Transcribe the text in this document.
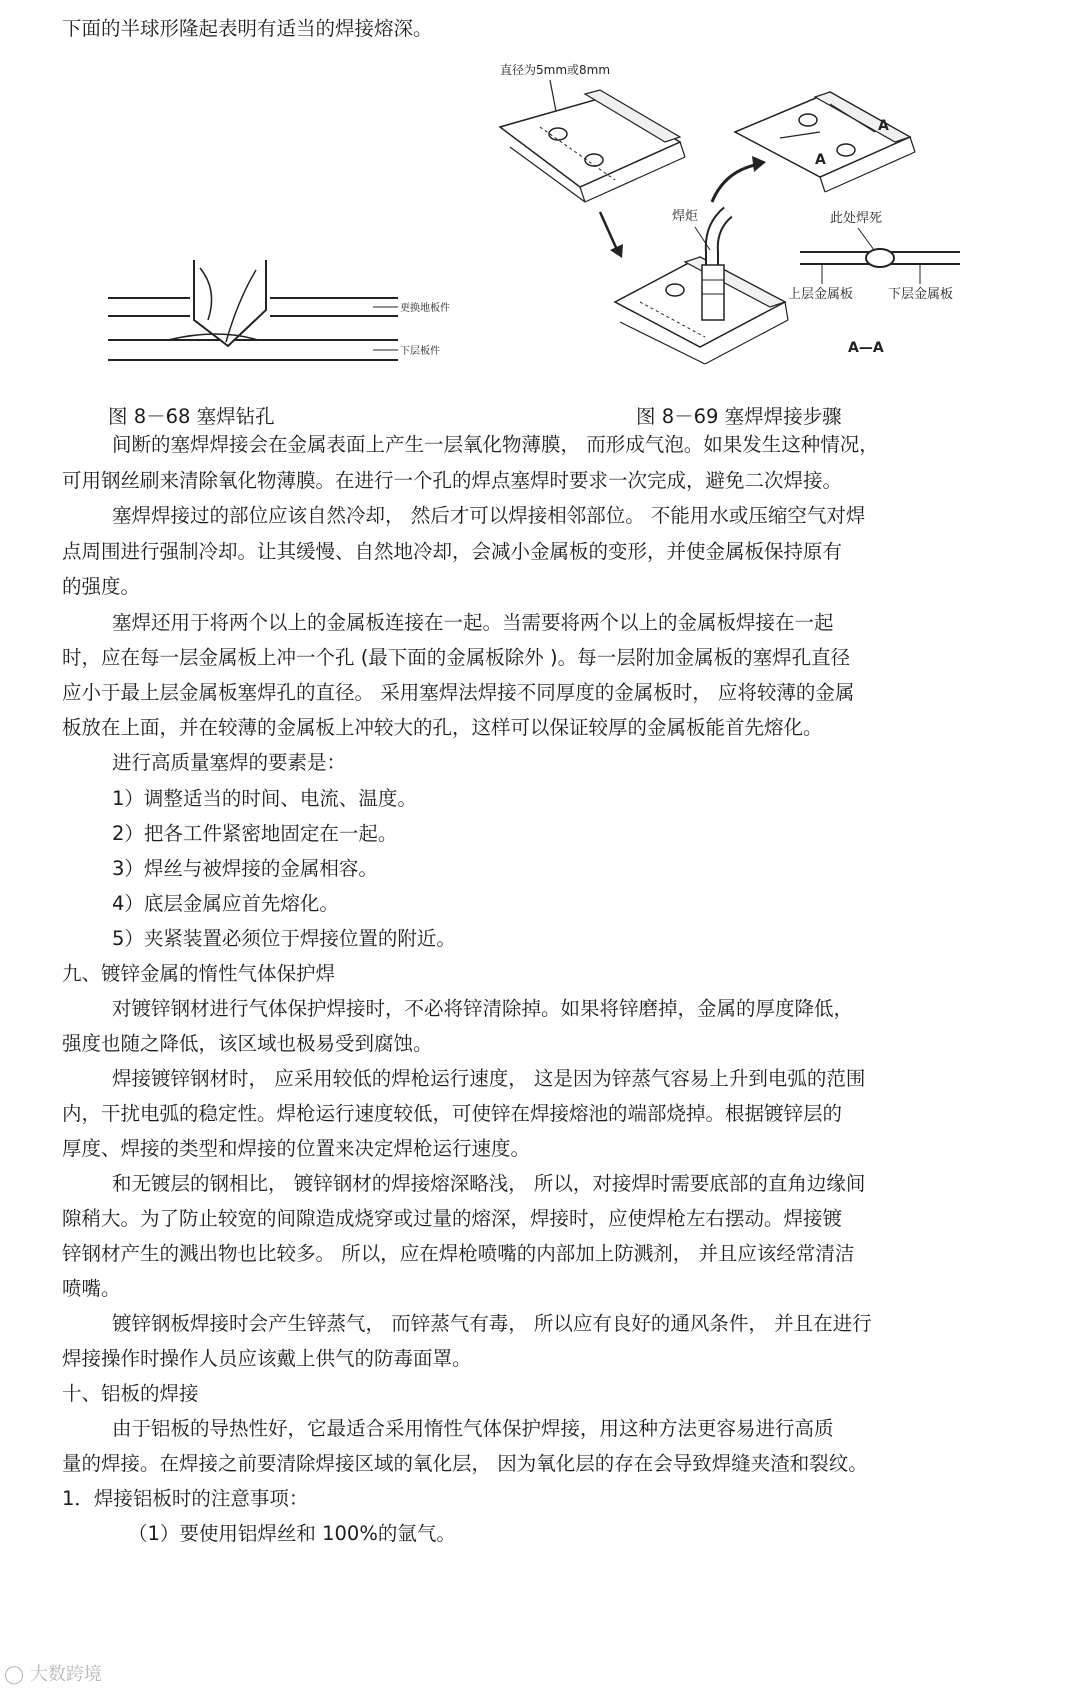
下面的半球形隆起表明有适当的焊接熔深。
更换地板件
下层板件
直径为5mm或8mm
A
A
焊炬	此处焊死
上层金属板	下层金属板
A—A
图 8－68 塞焊钻孔	图 8－69 塞焊焊接步骤
间断的塞焊焊接会在金属表面上产生一层氧化物薄膜， 而形成气泡。如果发生这种情况，
可用钢丝刷来清除氧化物薄膜。在进行一个孔的焊点塞焊时要求一次完成，避免二次焊接。
塞焊焊接过的部位应该自然冷却， 然后才可以焊接相邻部位。 不能用水或压缩空气对焊
点周围进行强制冷却。让其缓慢、自然地冷却，会减小金属板的变形，并使金属板保持原有
的强度。
塞焊还用于将两个以上的金属板连接在一起。当需要将两个以上的金属板焊接在一起
时，应在每一层金属板上冲一个孔 (最下面的金属板除外 )。每一层附加金属板的塞焊孔直径
应小于最上层金属板塞焊孔的直径。 采用塞焊法焊接不同厚度的金属板时， 应将较薄的金属
板放在上面，并在较薄的金属板上冲较大的孔，这样可以保证较厚的金属板能首先熔化。
进行高质量塞焊的要素是：
1）调整适当的时间、电流、温度。
2）把各工件紧密地固定在一起。
3）焊丝与被焊接的金属相容。
4）底层金属应首先熔化。
5）夹紧装置必须位于焊接位置的附近。
九、镀锌金属的惰性气体保护焊
对镀锌钢材进行气体保护焊接时，不必将锌清除掉。如果将锌磨掉，金属的厚度降低，
强度也随之降低，该区域也极易受到腐蚀。
焊接镀锌钢材时， 应采用较低的焊枪运行速度， 这是因为锌蒸气容易上升到电弧的范围
内，干扰电弧的稳定性。焊枪运行速度较低，可使锌在焊接熔池的端部烧掉。根据镀锌层的
厚度、焊接的类型和焊接的位置来决定焊枪运行速度。
和无镀层的钢相比， 镀锌钢材的焊接熔深略浅， 所以，对接焊时需要底部的直角边缘间
隙稍大。为了防止较宽的间隙造成烧穿或过量的熔深，焊接时，应使焊枪左右摆动。焊接镀
锌钢材产生的溅出物也比较多。 所以，应在焊枪喷嘴的内部加上防溅剂， 并且应该经常清洁
喷嘴。
镀锌钢板焊接时会产生锌蒸气， 而锌蒸气有毒， 所以应有良好的通风条件， 并且在进行
焊接操作时操作人员应该戴上供气的防毒面罩。
十、铝板的焊接
由于铝板的导热性好，它最适合采用惰性气体保护焊接，用这种方法更容易进行高质
量的焊接。在焊接之前要清除焊接区域的氧化层， 因为氧化层的存在会导致焊缝夹渣和裂纹。
1．焊接铝板时的注意事项：
（1）要使用铝焊丝和 100%的氩气。
◯ 大数跨境
